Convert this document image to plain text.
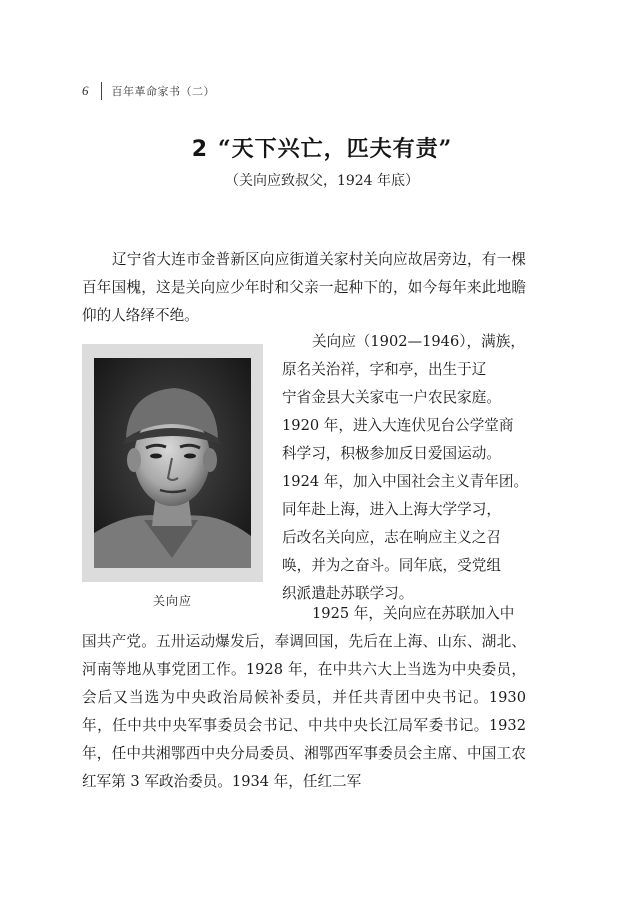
6 百年革命家书（二）
2 “天下兴亡，匹夫有责”
（关向应致叔父，1924 年底）

辽宁省大连市金普新区向应街道关家村关向应故居旁边，有一棵百年国槐，这是关向应少年时和父亲一起种下的，如今每年来此地瞻仰的人络绎不绝。

关向应
关向应（1902—1946），满族，
原名关治祥，字和亭，出生于辽
宁省金县大关家屯一户农民家庭。
1920 年，进入大连伏见台公学堂商
科学习，积极参加反日爱国运动。
1924 年，加入中国社会主义青年团。
同年赴上海，进入上海大学学习，
后改名关向应，志在响应主义之召
唤，并为之奋斗。同年底，受党组
织派遣赴苏联学习。
1925 年，关向应在苏联加入中
国共产党。五卅运动爆发后，奉调回国，先后在上海、山东、湖北、河南等地从事党团工作。1928 年，在中共六大上当选为中央委员，会后又当选为中央政治局候补委员，并任共青团中央书记。1930 年，任中共中央军事委员会书记、中共中央长江局军委书记。1932 年，任中共湘鄂西中央分局委员、湘鄂西军事委员会主席、中国工农红军第 3 军政治委员。1934 年，任红二军
